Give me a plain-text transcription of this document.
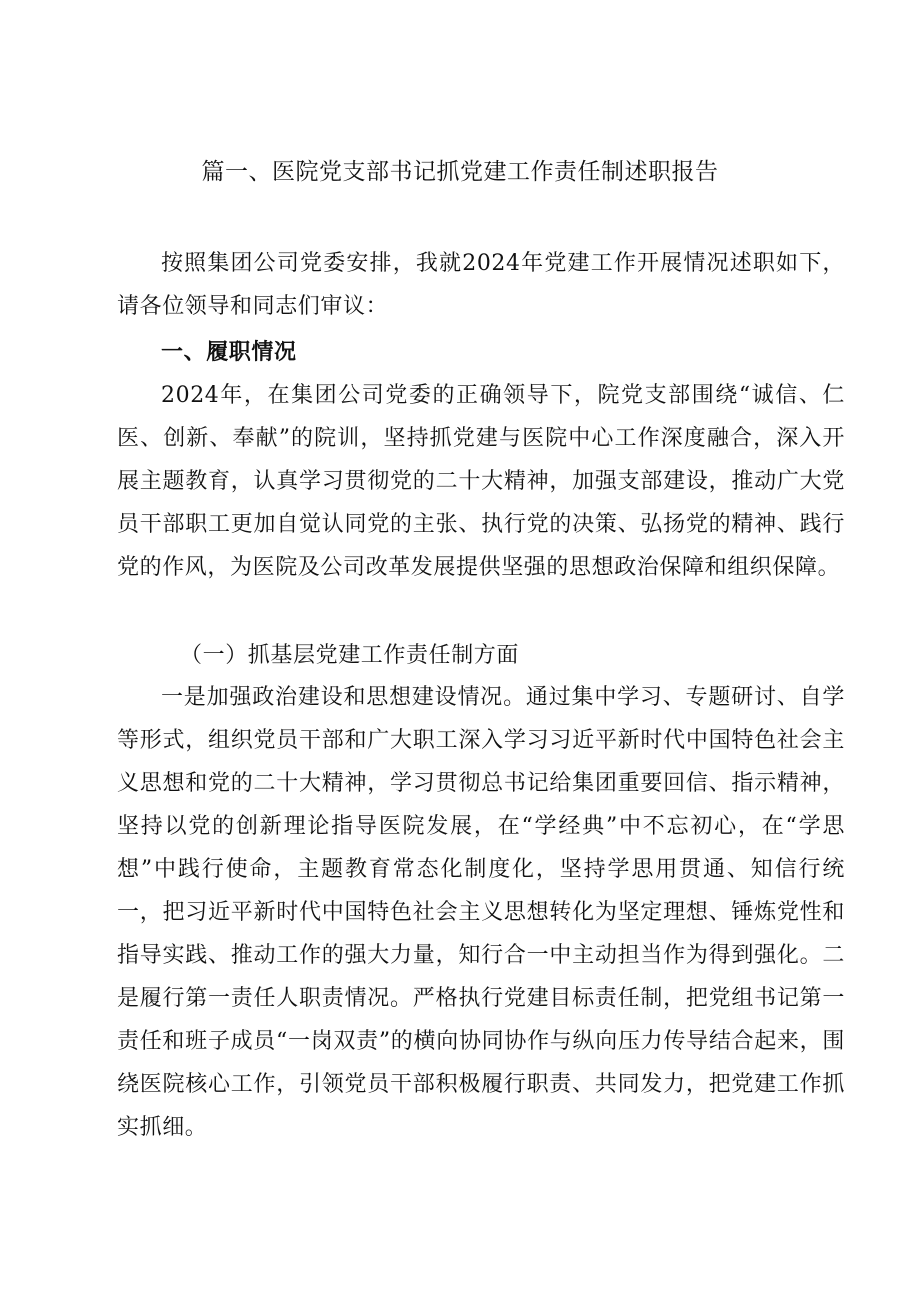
篇一、医院党支部书记抓党建工作责任制述职报告
按照集团公司党委安排，我就2024年党建工作开展情况述职如下，请各位领导和同志们审议：
一、履职情况
2024年，在集团公司党委的正确领导下，院党支部围绕“诚信、仁医、创新、奉献”的院训，坚持抓党建与医院中心工作深度融合，深入开展主题教育，认真学习贯彻党的二十大精神，加强支部建设，推动广大党员干部职工更加自觉认同党的主张、执行党的决策、弘扬党的精神、践行党的作风，为医院及公司改革发展提供坚强的思想政治保障和组织保障。
（一）抓基层党建工作责任制方面
一是加强政治建设和思想建设情况。通过集中学习、专题研讨、自学等形式，组织党员干部和广大职工深入学习习近平新时代中国特色社会主义思想和党的二十大精神，学习贯彻总书记给集团重要回信、指示精神，坚持以党的创新理论指导医院发展，在“学经典”中不忘初心，在“学思想”中践行使命，主题教育常态化制度化，坚持学思用贯通、知信行统一，把习近平新时代中国特色社会主义思想转化为坚定理想、锤炼党性和指导实践、推动工作的强大力量，知行合一中主动担当作为得到强化。二是履行第一责任人职责情况。严格执行党建目标责任制，把党组书记第一责任和班子成员“一岗双责”的横向协同协作与纵向压力传导结合起来，围绕医院核心工作，引领党员干部积极履行职责、共同发力，把党建工作抓实抓细。
